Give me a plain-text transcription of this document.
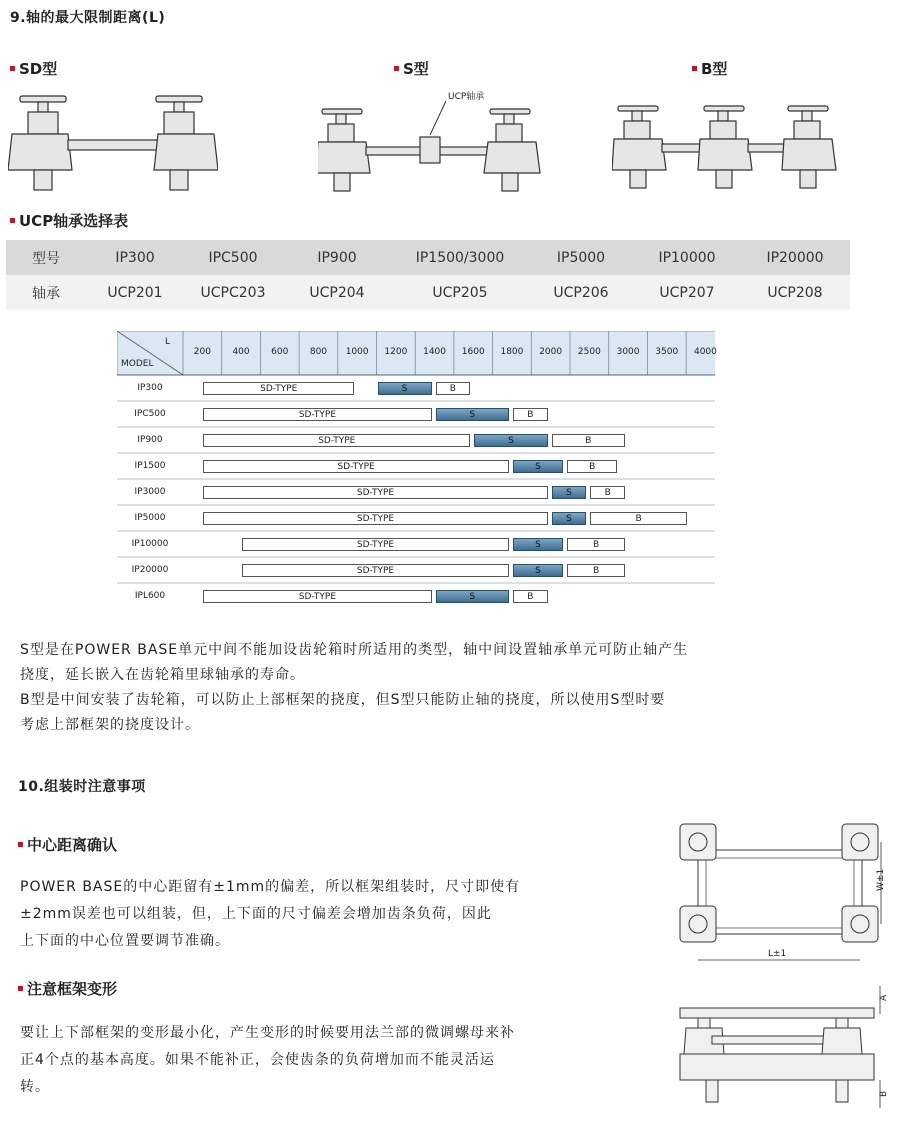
9.轴的最大限制距离(L)
SD型	S型	B型
UCP轴承
UCP轴承选择表
型号	IP300	IPC500	IP900	IP1500/3000	IP5000	IP10000	IP20000
轴承	UCP201	UCPC203	UCP204	UCP205	UCP206	UCP207	UCP208
L
MODEL
200	400	600	800	1000	1200	1400	1600	1800	2000	2500	3000	3500	4000
IP300	SD-TYPE	S	B
IPC500	SD-TYPE	S	B
IP900	SD-TYPE	S	B
IP1500	SD-TYPE	S	B
IP3000	SD-TYPE	S	B
IP5000	SD-TYPE	S	B
IP10000	SD-TYPE	S	B
IP20000	SD-TYPE	S	B
IPL600	SD-TYPE	S	B
S型是在POWER BASE单元中间不能加设齿轮箱时所适用的类型，轴中间设置轴承单元可防止轴产生
挠度，延长嵌入在齿轮箱里球轴承的寿命。
B型是中间安装了齿轮箱，可以防止上部框架的挠度，但S型只能防止轴的挠度，所以使用S型时要
考虑上部框架的挠度设计。
10.组装时注意事项
中心距离确认
POWER BASE的中心距留有±1mm的偏差，所以框架组装时，尺寸即使有
±2mm误差也可以组装，但，上下面的尺寸偏差会增加齿条负荷，因此
上下面的中心位置要调节准确。
W±1
L±1
注意框架变形
要让上下部框架的变形最小化，产生变形的时候要用法兰部的微调螺母来补
正4个点的基本高度。如果不能补正，会使齿条的负荷增加而不能灵活运
转。
A
B
